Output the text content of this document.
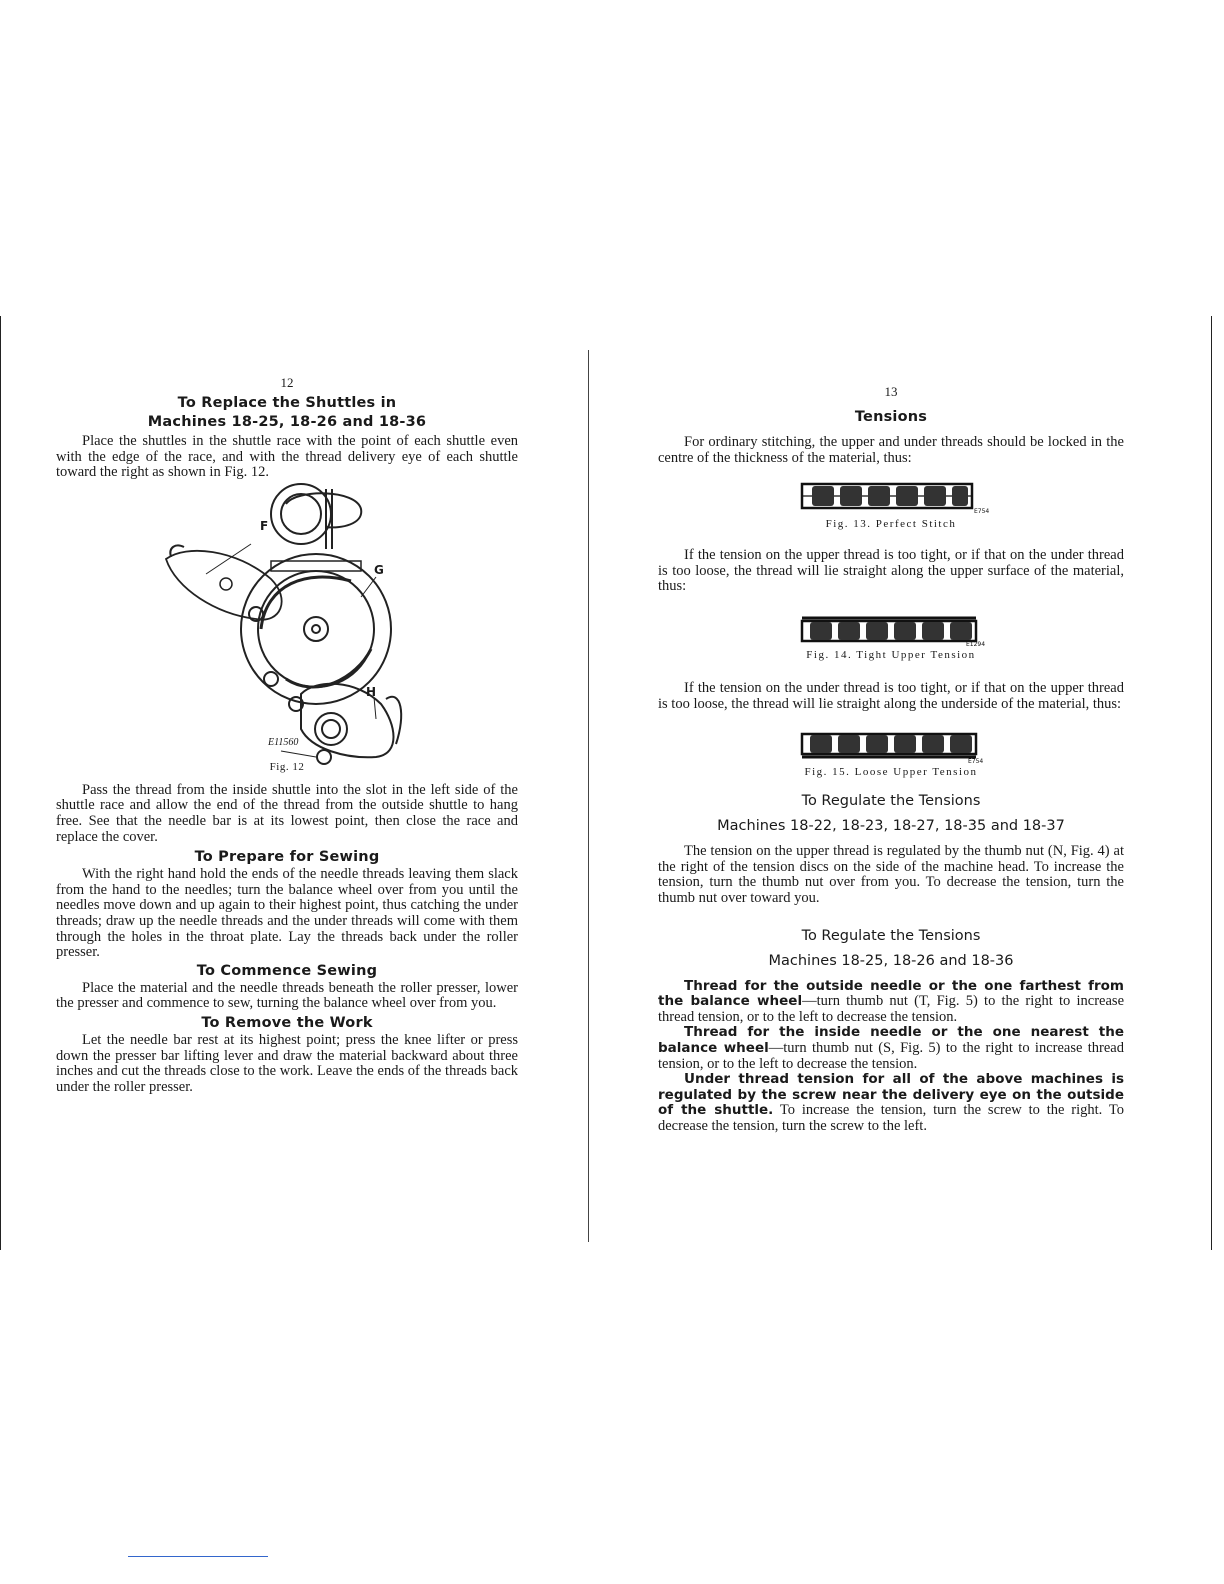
12
To Replace the Shuttles in
Machines 18-25, 18-26 and 18-36

Place the shuttles in the shuttle race with the point of each shuttle even with the edge of the race, and with the thread delivery eye of each shuttle toward the right as shown in Fig. 12.

F
G
H
E11560
Fig. 12

Pass the thread from the inside shuttle into the slot in the left side of the shuttle race and allow the end of the thread from the outside shuttle to hang free. See that the needle bar is at its lowest point, then close the race and replace the cover.

To Prepare for Sewing

With the right hand hold the ends of the needle threads leaving them slack from the hand to the needles; turn the balance wheel over from you until the needles move down and up again to their highest point, thus catching the under threads; draw up the needle threads and the under threads will come with them through the holes in the throat plate. Lay the threads back under the roller presser.

To Commence Sewing

Place the material and the needle threads beneath the roller presser, lower the presser and commence to sew, turning the balance wheel over from you.

To Remove the Work

Let the needle bar rest at its highest point; press the knee lifter or press down the presser bar lifting lever and draw the material backward about three inches and cut the threads close to the work. Leave the ends of the threads back under the roller presser.

13
Tensions

For ordinary stitching, the upper and under threads should be locked in the centre of the thickness of the material, thus:

E754
Fig. 13. Perfect Stitch

If the tension on the upper thread is too tight, or if that on the under thread is too loose, the thread will lie straight along the upper surface of the material, thus:

E1294
Fig. 14. Tight Upper Tension

If the tension on the under thread is too tight, or if that on the upper thread is too loose, the thread will lie straight along the underside of the material, thus:

E754
Fig. 15. Loose Upper Tension
To Regulate the Tensions
Machines 18-22, 18-23, 18-27, 18-35 and 18-37

The tension on the upper thread is regulated by the thumb nut (N, Fig. 4) at the right of the tension discs on the side of the machine head. To increase the tension, turn the thumb nut over from you. To decrease the tension, turn the thumb nut over toward you.

To Regulate the Tensions
Machines 18-25, 18-26 and 18-36

Thread for the outside needle or the one farthest from the balance wheel—turn thumb nut (T, Fig. 5) to the right to increase thread tension, or to the left to decrease the tension.

Thread for the inside needle or the one nearest the balance wheel—turn thumb nut (S, Fig. 5) to the right to increase thread tension, or to the left to decrease the tension.

Under thread tension for all of the above machines is regulated by the screw near the delivery eye on the outside of the shuttle. To increase the tension, turn the screw to the right. To decrease the tension, turn the screw to the left.
